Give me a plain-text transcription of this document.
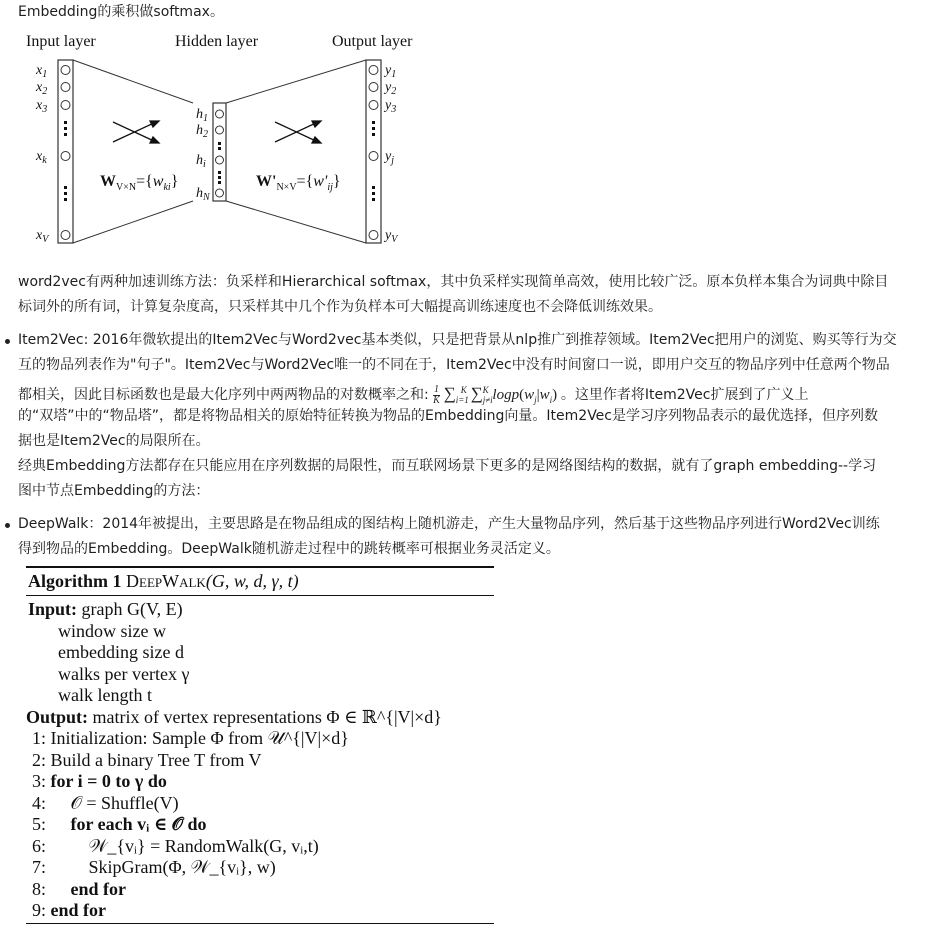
Embedding的乘积做softmax。
Input layer	Hidden layer	Output layer
$x_1$
$x_2$
$x_3$
$x_k$
$x_V$
$h_1$
$h_2$
$h_i$
$h_N$
$y_1$
$y_2$
$y_3$
$y_j$
$y_V$
$W_{V\times N}=\{w_{ki}\}$	$W'_{N\times V}=\{w'_{ij}\}$
word2vec有两种加速训练方法：负采样和Hierarchical softmax，其中负采样实现简单高效，使用比较广泛。原本负样本集合为词典中除目
标词外的所有词，计算复杂度高，只采样其中几个作为负样本可大幅提高训练速度也不会降低训练效果。
Item2Vec: 2016年微软提出的Item2Vec与Word2vec基本类似，只是把背景从nlp推广到推荐领域。Item2Vec把用户的浏览、购买等行为交
互的物品列表作为"句子"。Item2Vec与Word2Vec唯一的不同在于，Item2Vec中没有时间窗口一说，即用户交互的物品序列中任意两个物品
都相关，因此目标函数也是最大化序列中两两物品的对数概率之和: $\frac{1}{K} \sum_{i=1}^K$ $\sum_{j\ne i}^K$ $\log p(w_j|w_i)$ 。这里作者将Item2Vec扩展到了广义上
的“双塔”中的“物品塔”，都是将物品相关的原始特征转换为物品的Embedding向量。Item2Vec是学习序列物品表示的最优选择，但序列数
据也是Item2Vec的局限所在。
经典Embedding方法都存在只能应用在序列数据的局限性，而互联网场景下更多的是网络图结构的数据，就有了graph embedding--学习
图中节点Embedding的方法：
DeepWalk：2014年被提出，主要思路是在物品组成的图结构上随机游走，产生大量物品序列，然后基于这些物品序列进行Word2Vec训练
得到物品的Embedding。DeepWalk随机游走过程中的跳转概率可根据业务灵活定义。
Algorithm 1 DeepWalk(G, w, d, γ, t)
Input: graph G(V, E)
window size w
embedding size d
walks per vertex γ
walk length t
Output: matrix of vertex representations Φ ∈ ℝ^{|V|×d}
1: Initialization: Sample Φ from 𝒰^{|V|×d}
2: Build a binary Tree T from V
3: for i = 0 to γ do
4: 𝒪 = Shuffle(V)
5: for each vᵢ ∈ 𝒪 do
6: 𝒲_{vᵢ} = RandomWalk(G, vᵢ,t)
7: SkipGram(Φ, 𝒲_{vᵢ}, w)
8: end for
9: end for
